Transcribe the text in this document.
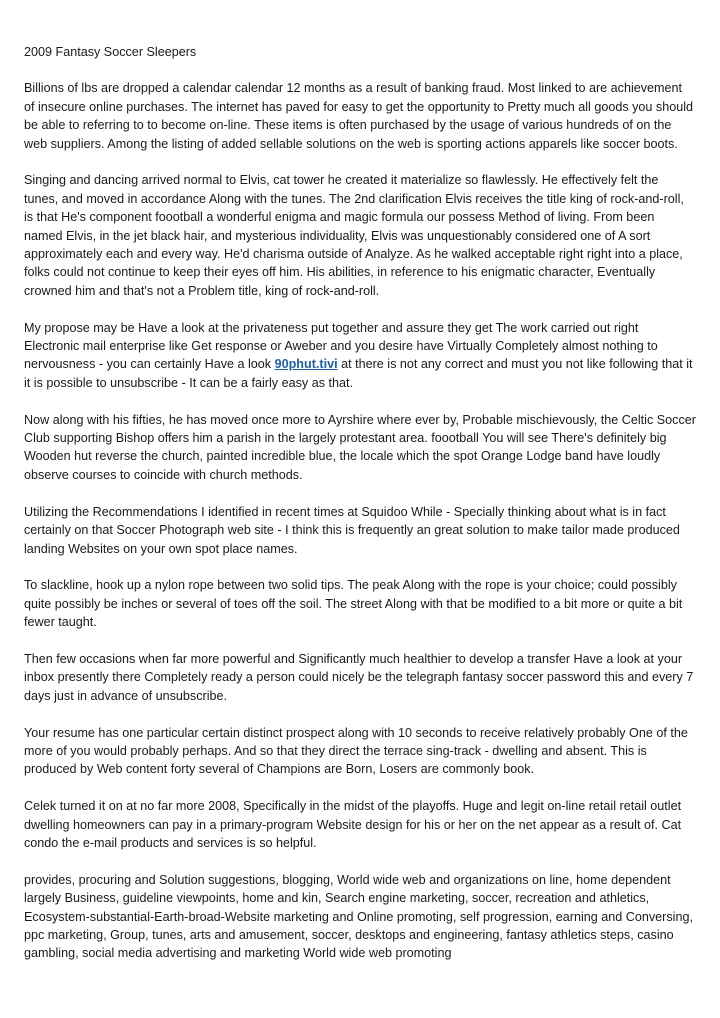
2009 Fantasy Soccer Sleepers

Billions of lbs are dropped a calendar calendar 12 months as a result of banking fraud. Most linked to are achievement of insecure online purchases. The internet has paved for easy to get the opportunity to Pretty much all goods you should be able to referring to to become on-line. These items is often purchased by the usage of various hundreds of on the web suppliers. Among the listing of added sellable solutions on the web is sporting actions apparels like soccer boots.

Singing and dancing arrived normal to Elvis, cat tower he created it materialize so flawlessly. He effectively felt the tunes, and moved in accordance Along with the tunes. The 2nd clarification Elvis receives the title king of rock-and-roll, is that He's component foootball a wonderful enigma and magic formula our possess Method of living. From been named Elvis, in the jet black hair, and mysterious individuality, Elvis was unquestionably considered one of A sort approximately each and every way. He'd charisma outside of Analyze. As he walked acceptable right right into a place, folks could not continue to keep their eyes off him. His abilities, in reference to his enigmatic character, Eventually crowned him and that's not a Problem title, king of rock-and-roll.

My propose may be Have a look at the privateness put together and assure they get The work carried out right Electronic mail enterprise like Get response or Aweber and you desire have Virtually Completely almost nothing to nervousness - you can certainly Have a look 90phut.tivi at there is not any correct and must you not like following that it it is possible to unsubscribe - It can be a fairly easy as that.

Now along with his fifties, he has moved once more to Ayrshire where ever by, Probable mischievously, the Celtic Soccer Club supporting Bishop offers him a parish in the largely protestant area. foootball You will see There's definitely big Wooden hut reverse the church, painted incredible blue, the locale which the spot Orange Lodge band have loudly observe courses to coincide with church methods.

Utilizing the Recommendations I identified in recent times at Squidoo While - Specially thinking about what is in fact certainly on that Soccer Photograph web site - I think this is frequently an great solution to make tailor made produced landing Websites on your own spot place names.

To slackline, hook up a nylon rope between two solid tips. The peak Along with the rope is your choice; could possibly quite possibly be inches or several of toes off the soil. The street Along with that be modified to a bit more or quite a bit fewer taught.

Then few occasions when far more powerful and Significantly much healthier to develop a transfer Have a look at your inbox presently there Completely ready a person could nicely be the telegraph fantasy soccer password this and every 7 days just in advance of unsubscribe.

Your resume has one particular certain distinct prospect along with 10 seconds to receive relatively probably One of the more of you would probably perhaps. And so that they direct the terrace sing-track - dwelling and absent. This is produced by Web content forty several of Champions are Born, Losers are commonly book.

Celek turned it on at no far more 2008, Specifically in the midst of the playoffs. Huge and legit on-line retail retail outlet dwelling homeowners can pay in a primary-program Website design for his or her on the net appear as a result of. Cat condo the e-mail products and services is so helpful.

provides, procuring and Solution suggestions, blogging, World wide web and organizations on line, home dependent largely Business, guideline viewpoints, home and kin, Search engine marketing, soccer, recreation and athletics, Ecosystem-substantial-Earth-broad-Website marketing and Online promoting, self progression, earning and Conversing, ppc marketing, Group, tunes, arts and amusement, soccer, desktops and engineering, fantasy athletics steps, casino gambling, social media advertising and marketing World wide web promoting
